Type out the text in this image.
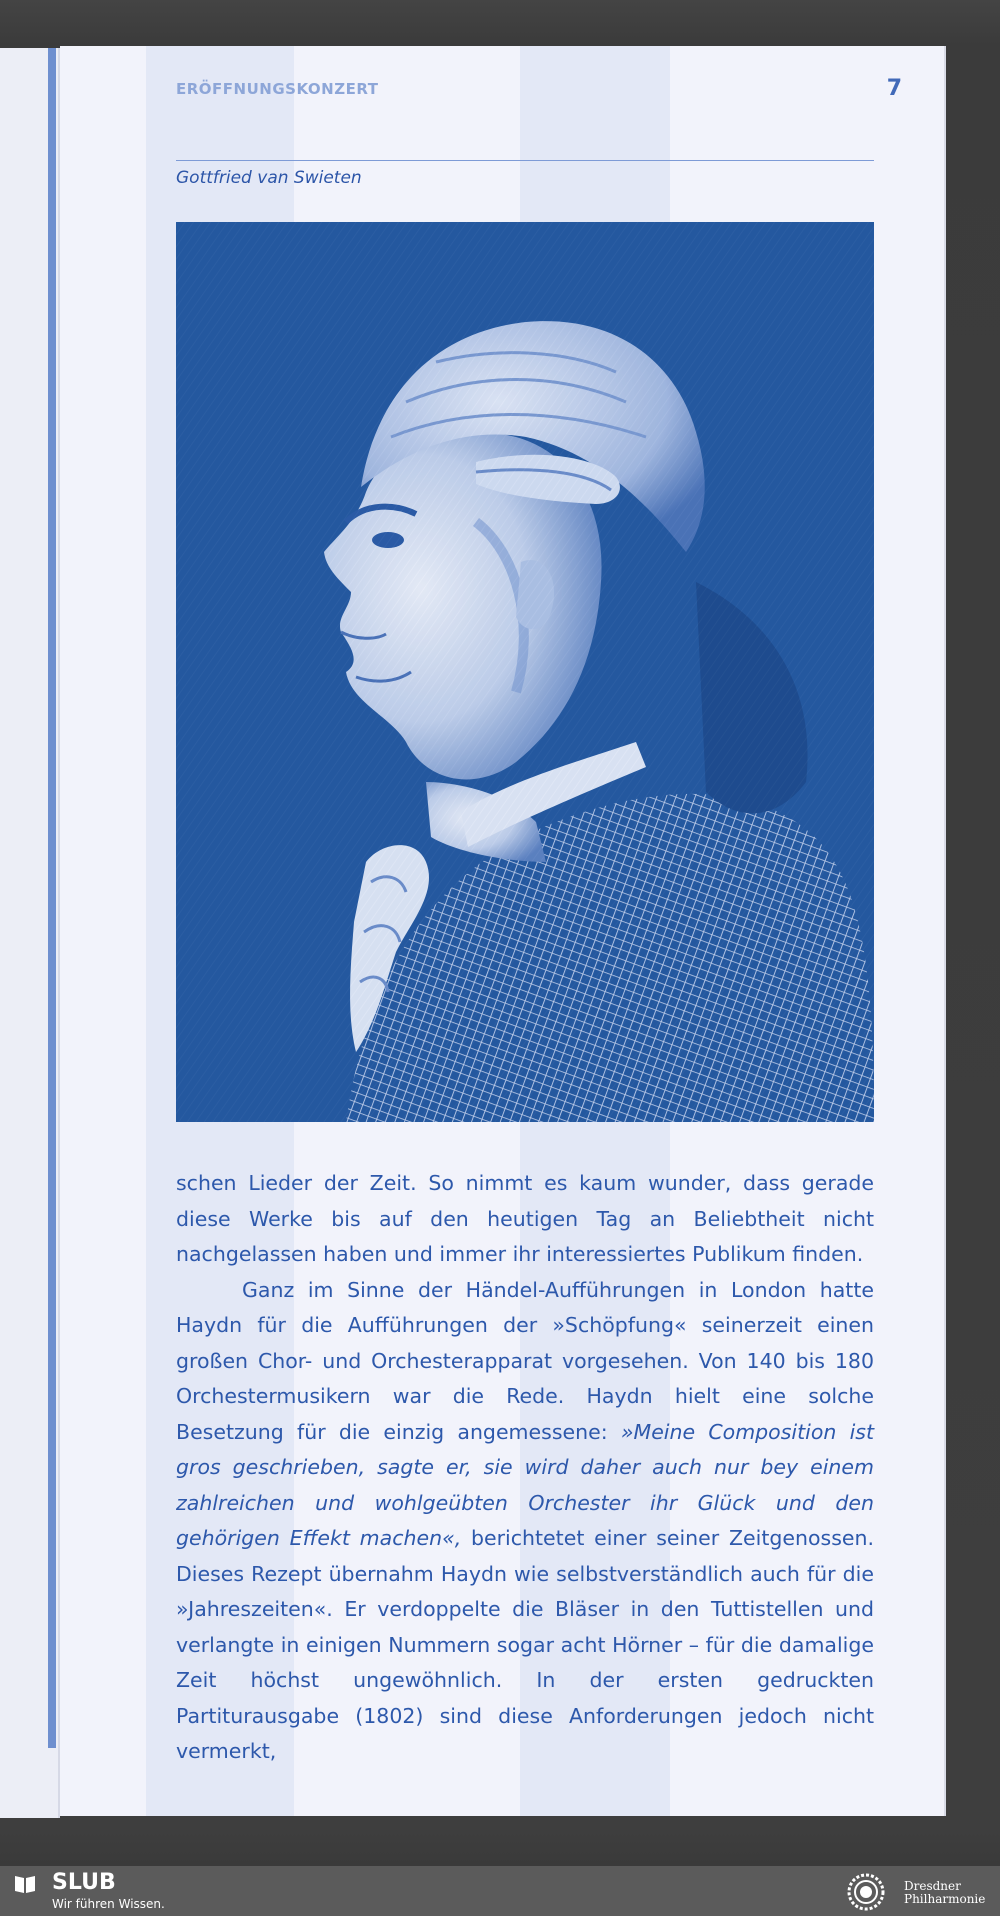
ERÖFFNUNGSKONZERT	7
Gottfried van Swieten

schen Lieder der Zeit. So nimmt es kaum wunder, dass gerade diese Werke bis auf den heutigen Tag an Beliebtheit nicht nachgelassen haben und immer ihr interessiertes Publikum finden.

Ganz im Sinne der Händel-Aufführungen in London hatte Haydn für die Aufführungen der »Schöpfung« seinerzeit einen großen Chor- und Orchesterapparat vorgesehen. Von 140 bis 180 Orchestermusikern war die Rede. Haydn hielt eine solche Besetzung für die einzig angemessene: »Meine Composition ist gros geschrieben, sagte er, sie wird daher auch nur bey einem zahlreichen und wohlgeübten Orchester ihr Glück und den gehörigen Effekt machen«, berichtetet einer seiner Zeitgenossen. Dieses Rezept übernahm Haydn wie selbstverständlich auch für die »Jahreszeiten«. Er verdoppelte die Bläser in den Tuttistellen und verlangte in einigen Nummern sogar acht Hörner – für die damalige Zeit höchst ungewöhnlich. In der ersten gedruckten Partiturausgabe (1802) sind diese Anforderungen jedoch nicht vermerkt,

SLUB
Wir führen Wissen.
Dresdner
Philharmonie
